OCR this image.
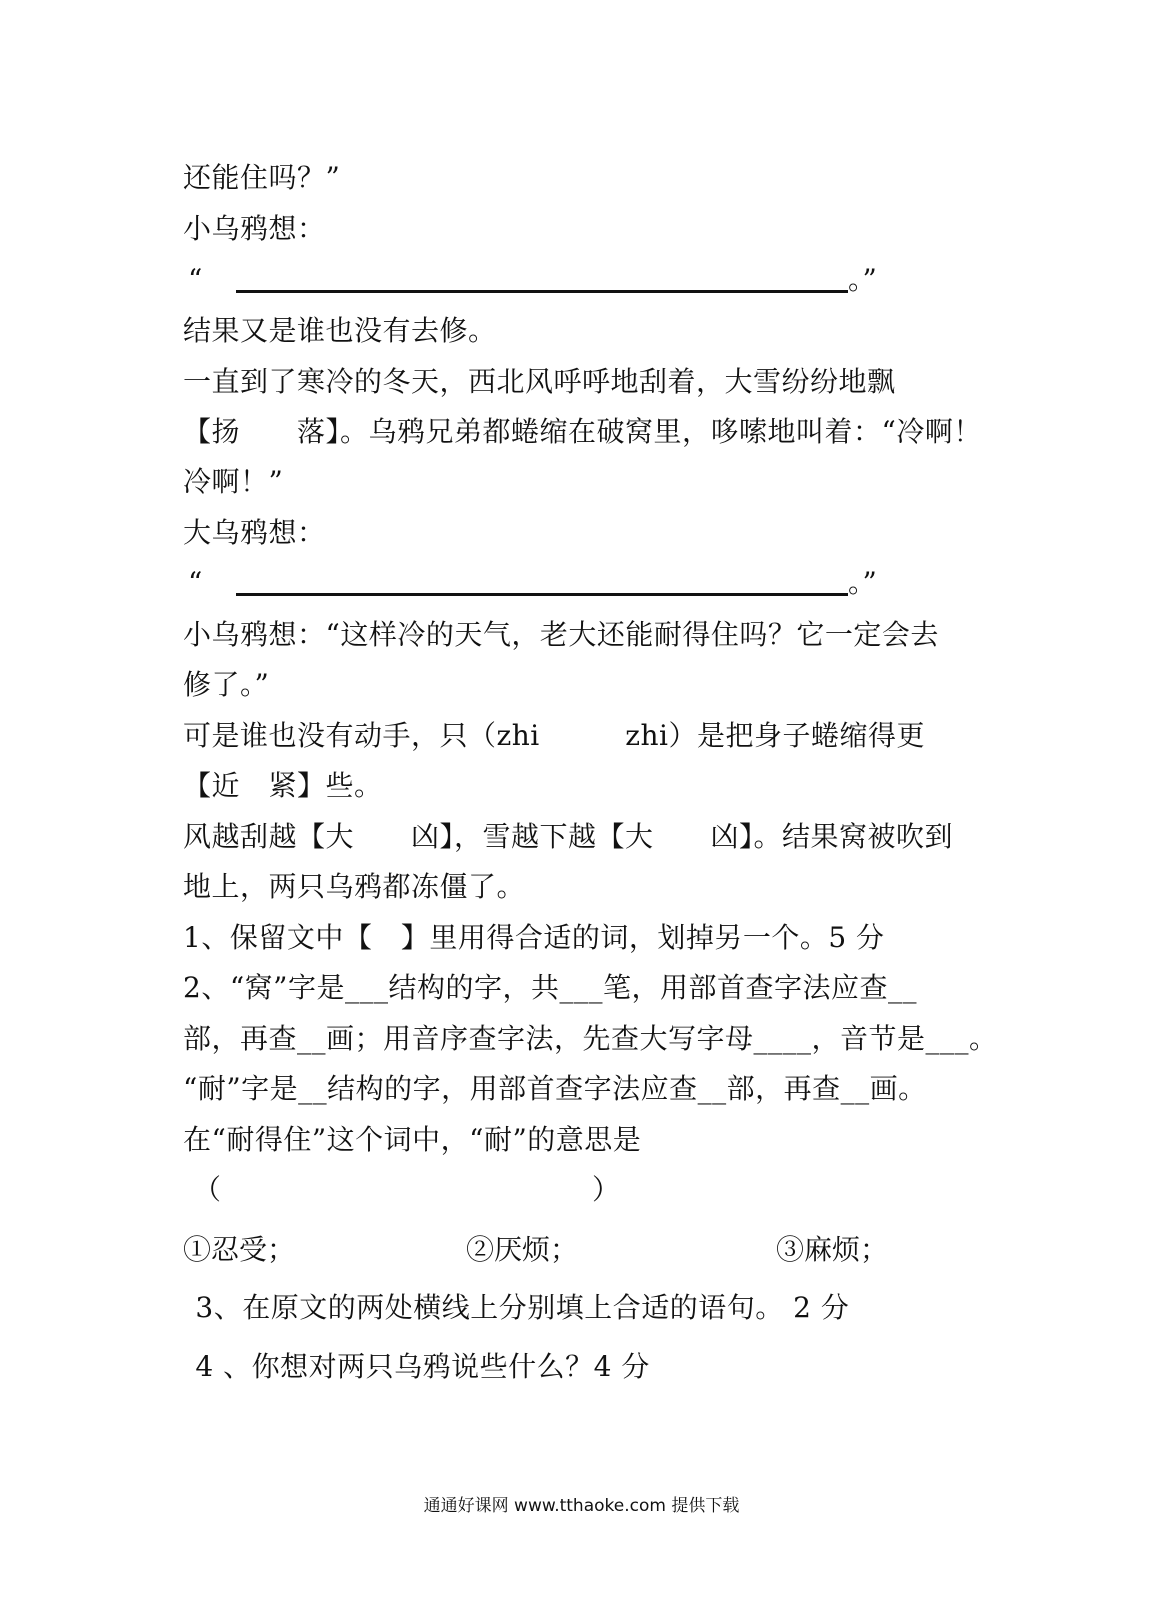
还能住吗？”
小乌鸦想：
“	。”
结果又是谁也没有去修。
一直到了寒冷的冬天，西北风呼呼地刮着，大雪纷纷地飘
【扬　　落】。乌鸦兄弟都蜷缩在破窝里，哆嗦地叫着：“冷啊！
冷啊！”
大乌鸦想：
“	。”
小乌鸦想：“这样冷的天气，老大还能耐得住吗？它一定会去
修了。”
可是谁也没有动手，只（zhi　　　zhi）是把身子蜷缩得更
【近　紧】些。
风越刮越【大　　凶】，雪越下越【大　　凶】。结果窝被吹到
地上，两只乌鸦都冻僵了。
1、保留文中【　】里用得合适的词，划掉另一个。5 分
2、“窝”字是___结构的字，共___笔，用部首查字法应查__
部，再查__画；用音序查字法，先查大写字母____，音节是___。
“耐”字是__结构的字，用部首查字法应查__部，再查__画。
在“耐得住”这个词中，“耐”的意思是
（　　　　　　　　　　　　　）
①忍受；	②厌烦；	③麻烦；
3、在原文的两处横线上分别填上合适的语句。 2 分
4 、你想对两只乌鸦说些什么？4 分
通通好课网 www.tthaoke.com 提供下载
